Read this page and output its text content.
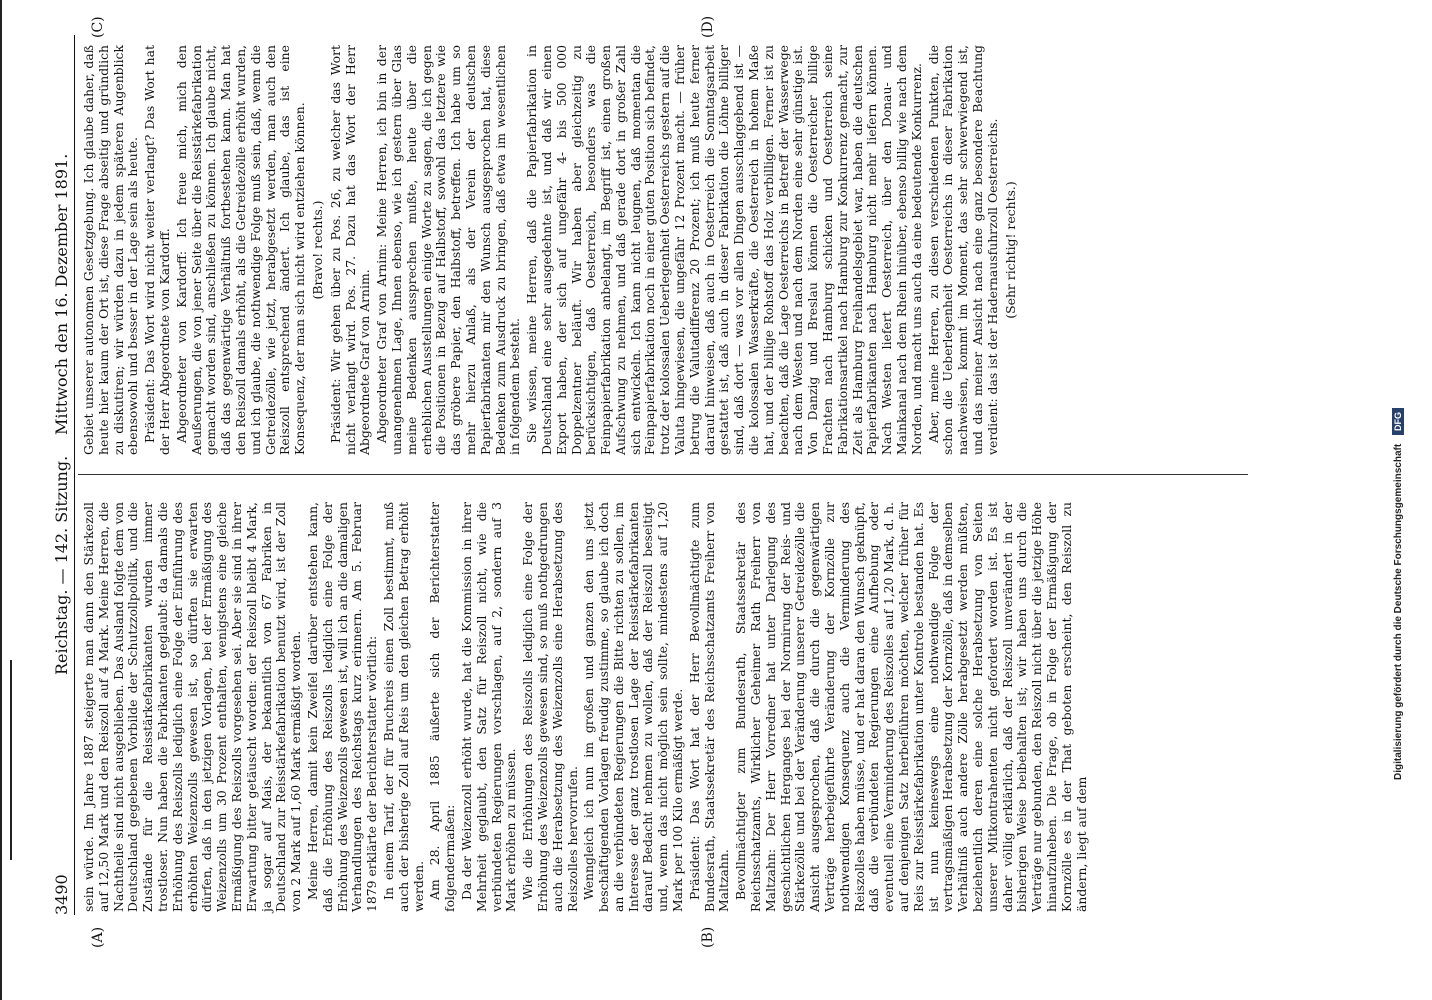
3490
Reichstag. — 142. Sitzung.
Mittwoch den 16. Dezember 1891.
(A)	(B)
(C)	(D)

sein würde. Im Jahre 1887 steigerte man dann den Stärkezoll auf 12,50 Mark und den Reiszoll auf 4 Mark. Meine Herren, die Nachtheile sind nicht ausgeblieben. Das Ausland folgte dem von Deutschland gegebenen Vorbilde der Schutzzollpolitik, und die Zustände für die Reisstärkefabrikanten wurden immer trostloser. Nun haben die Fabrikanten geglaubt: da damals die Erhöhung des Reiszolls lediglich eine Folge der Einführung des erhöhten Weizenzolls gewesen ist, so dürften sie erwarten dürfen, daß in den jetzigen Vorlagen, bei der Ermäßigung des Weizenzolls um 30 Prozent enthalten, wenigstens eine gleiche Ermäßigung des Reiszolls vorgesehen sei. Aber sie sind in ihrer Erwartung bitter getäuscht worden: der Reiszoll bleibt 4 Mark, ja sogar auf Mais, der bekanntlich von 67 Fabriken in Deutschland zur Reisstärkefabrikation benutzt wird, ist der Zoll von 2 Mark auf 1,60 Mark ermäßigt worden. Meine Herren, damit kein Zweifel darüber entstehen kann, daß die Erhöhung des Reiszolls lediglich eine Folge der Erhöhung des Weizenzolls gewesen ist, will ich an die damaligen Verhandlungen des Reichstags kurz erinnern. Am 5. Februar 1879 erklärte der Berichterstatter wörtlich: In einem Tarif, der für Bruchreis einen Zoll bestimmt, muß auch der bisherige Zoll auf Reis um den gleichen Betrag erhöht werden. Am 28. April 1885 äußerte sich der Berichterstatter folgendermaßen: Da der Weizenzoll erhöht wurde, hat die Kommission in ihrer Mehrheit geglaubt, den Satz für Reiszoll nicht, wie die verbündeten Regierungen vorschlagen, auf 2, sondern auf 3 Mark erhöhen zu müssen. Wie die Erhöhungen des Reiszolls lediglich eine Folge der Erhöhung des Weizenzolls gewesen sind, so muß nothgedrungen auch die Herabsetzung des Weizenzolls eine Herabsetzung des Reiszolles hervorrufen. Wenngleich ich nun im großen und ganzen den uns jetzt beschäftigenden Vorlagen freudig zustimme, so glaube ich doch an die verbündeten Regierungen die Bitte richten zu sollen, im Interesse der ganz trostlosen Lage der Reisstärkefabrikanten darauf Bedacht nehmen zu wollen, daß der Reiszoll beseitigt und, wenn das nicht möglich sein sollte, mindestens auf 1,20 Mark per 100 Kilo ermäßigt werde. Präsident: Das Wort hat der Herr Bevollmächtigte zum Bundesrath, Staatssekretär des Reichsschatzamts Freiherr von Maltzahn. Bevollmächtigter zum Bundesrath, Staatssekretär des Reichsschatzamts, Wirklicher Geheimer Rath Freiherr von Maltzahn: Der Herr Vorredner hat unter Darlegung des geschichtlichen Herganges bei der Normirung der Reis- und Stärkezölle und bei der Veränderung unserer Getreidezölle die Ansicht ausgesprochen, daß die durch die gegenwärtigen Verträge herbeigeführte Veränderung der Kornzölle zur nothwendigen Konsequenz auch die Verminderung des Reiszolles haben müsse, und er hat daran den Wunsch geknüpft, daß die verbündeten Regierungen eine Aufhebung oder eventuell eine Verminderung des Reiszolles auf 1,20 Mark, d. h. auf denjenigen Satz herbeiführen möchten, welcher früher für Reis zur Reisstärkefabrikation unter Kontrole bestanden hat. Es ist nun keineswegs eine nothwendige Folge der vertragsmäßigen Herabsetzung der Kornzölle, daß in demselben Verhältniß auch andere Zölle herabgesetzt werden müßten, beziehentlich deren eine solche Herabsetzung von Seiten unserer Mitkontrahenten nicht gefordert worden ist. Es ist daher völlig erklärlich, daß der Reiszoll unverändert in der bisherigen Weise beibehalten ist; wir haben uns durch die Verträge nur gebunden, den Reiszoll nicht über die jetzige Höhe hinaufzuheben. Die Frage, ob in Folge der Ermäßigung der Kornzölle es in der That geboten erscheint, den Reiszoll zu ändern, liegt auf dem

Gebiet unserer autonomen Gesetzgebung. Ich glaube daher, daß heute hier kaum der Ort ist, diese Frage abseitig und gründlich zu diskutiren; wir würden dazu in jedem späteren Augenblick ebensowohl und besser in der Lage sein als heute. Präsident: Das Wort wird nicht weiter verlangt? Das Wort hat der Herr Abgeordnete von Kardorff. Abgeordneter von Kardorff: Ich freue mich, mich den Aeußerungen, die von jener Seite über die Reisstärkefabrikation gemacht worden sind, anschließen zu können. Ich glaube nicht, daß das gegenwärtige Verhältniß fortbestehen kann. Man hat den Reiszoll damals erhöht, als die Getreidezölle erhöht wurden, und ich glaube, die nothwendige Folge muß sein, daß, wenn die Getreidezölle, wie jetzt, herabgesetzt werden, man auch den Reiszoll entsprechend ändert. Ich glaube, das ist eine Konsequenz, der man sich nicht wird entziehen können. (Bravo! rechts.) Präsident: Wir gehen über zu Pos. 26, zu welcher das Wort nicht verlangt wird. Pos. 27. Dazu hat das Wort der Herr Abgeordnete Graf von Arnim. Abgeordneter Graf von Arnim: Meine Herren, ich bin in der unangenehmen Lage, Ihnen ebenso, wie ich gestern über Glas meine Bedenken aussprechen mußte, heute über die erheblichen Ausstellungen einige Worte zu sagen, die ich gegen die Positionen in Bezug auf Halbstoff, sowohl das letztere wie das gröbere Papier, den Halbstoff, betreffen. Ich habe um so mehr hierzu Anlaß, als der Verein der deutschen Papierfabrikanten mir den Wunsch ausgesprochen hat, diese Bedenken zum Ausdruck zu bringen, daß etwa im wesentlichen in folgendem besteht. Sie wissen, meine Herren, daß die Papierfabrikation in Deutschland eine sehr ausgedehnte ist, und daß wir einen Export haben, der sich auf ungefähr 4- bis 500 000 Doppelzentner beläuft. Wir haben aber gleichzeitig zu berücksichtigen, daß Oesterreich, besonders was die Feinpapierfabrikation anbelangt, im Begriff ist, einen großen Aufschwung zu nehmen, und daß gerade dort in großer Zahl sich entwickeln. Ich kann nicht leugnen, daß momentan die Feinpapierfabrikation noch in einer guten Position sich befindet, trotz der kolossalen Ueberlegenheit Oesterreichs gestern auf die Valuta hingewiesen, die ungefähr 12 Prozent macht. — früher betrug die Valutadifferenz 20 Prozent; ich muß heute ferner darauf hinweisen, daß auch in Oesterreich die Sonntagsarbeit gestattet ist, daß auch in dieser Fabrikation die Löhne billiger sind, daß dort — was vor allen Dingen ausschlaggebend ist — die kolossalen Wasserkräfte, die Oesterreich in hohem Maße hat, und der billige Rohstoff das Holz verbilligen. Ferner ist zu beachten, daß die Lage Oesterreichs in Betreff der Wasserwege nach dem Westen und nach dem Norden eine sehr günstige ist. Von Danzig und Breslau können die Oesterreicher billige Frachten nach Hamburg schicken und Oesterreich seine Fabrikationsartikel nach Hamburg zur Konkurrenz gemacht, zur Zeit als Hamburg Freihandelsgebiet war, haben die deutschen Papierfabrikanten nach Hamburg nicht mehr liefern können. Nach Westen liefert Oesterreich, über den Donau- und Mainkanal nach dem Rhein hinüber, ebenso billig wie nach dem Norden, und macht uns auch da eine bedeutende Konkurrenz. Aber, meine Herren, zu diesen verschiedenen Punkten, die schon die Ueberlegenheit Oesterreichs in dieser Fabrikation nachweisen, kommt im Moment, das sehr schwerwiegend ist, und das meiner Ansicht nach eine ganz besondere Beachtung verdient: das ist der Hadernausfuhrzoll Oesterreichs. (Sehr richtig! rechts.)

Digitalisierung gefördert durch die Deutsche Forschungsgemeinschaft DFG
